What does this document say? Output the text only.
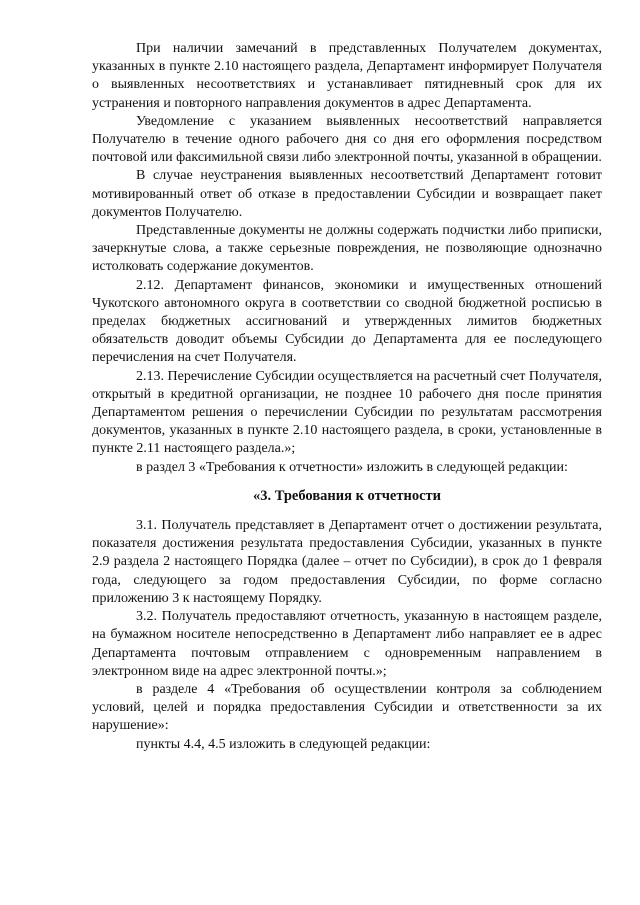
При наличии замечаний в представленных Получателем документах, указанных в пункте 2.10 настоящего раздела, Департамент информирует Получателя о выявленных несоответствиях и устанавливает пятидневный срок для их устранения и повторного направления документов в адрес Департамента.

Уведомление с указанием выявленных несоответствий направляется Получателю в течение одного рабочего дня со дня его оформления посредством почтовой или факсимильной связи либо электронной почты, указанной в обращении.

В случае неустранения выявленных несоответствий Департамент готовит мотивированный ответ об отказе в предоставлении Субсидии и возвращает пакет документов Получателю.

Представленные документы не должны содержать подчистки либо приписки, зачеркнутые слова, а также серьезные повреждения, не позволяющие однозначно истолковать содержание документов.

2.12. Департамент финансов, экономики и имущественных отношений Чукотского автономного округа в соответствии со сводной бюджетной росписью в пределах бюджетных ассигнований и утвержденных лимитов бюджетных обязательств доводит объемы Субсидии до Департамента для ее последующего перечисления на счет Получателя.

2.13. Перечисление Субсидии осуществляется на расчетный счет Получателя, открытый в кредитной организации, не позднее 10 рабочего дня после принятия Департаментом решения о перечислении Субсидии по результатам рассмотрения документов, указанных в пункте 2.10 настоящего раздела, в сроки, установленные в пункте 2.11 настоящего раздела.»;

в раздел 3 «Требования к отчетности» изложить в следующей редакции:

«3. Требования к отчетности

3.1. Получатель представляет в Департамент отчет о достижении результата, показателя достижения результата предоставления Субсидии, указанных в пункте 2.9 раздела 2 настоящего Порядка (далее – отчет по Субсидии), в срок до 1 февраля года, следующего за годом предоставления Субсидии, по форме согласно приложению 3 к настоящему Порядку.

3.2. Получатель предоставляют отчетность, указанную в настоящем разделе, на бумажном носителе непосредственно в Департамент либо направляет ее в адрес Департамента почтовым отправлением с одновременным направлением в электронном виде на адрес электронной почты.»;

в разделе 4 «Требования об осуществлении контроля за соблюдением условий, целей и порядка предоставления Субсидии и ответственности за их нарушение»:

пункты 4.4, 4.5 изложить в следующей редакции:
